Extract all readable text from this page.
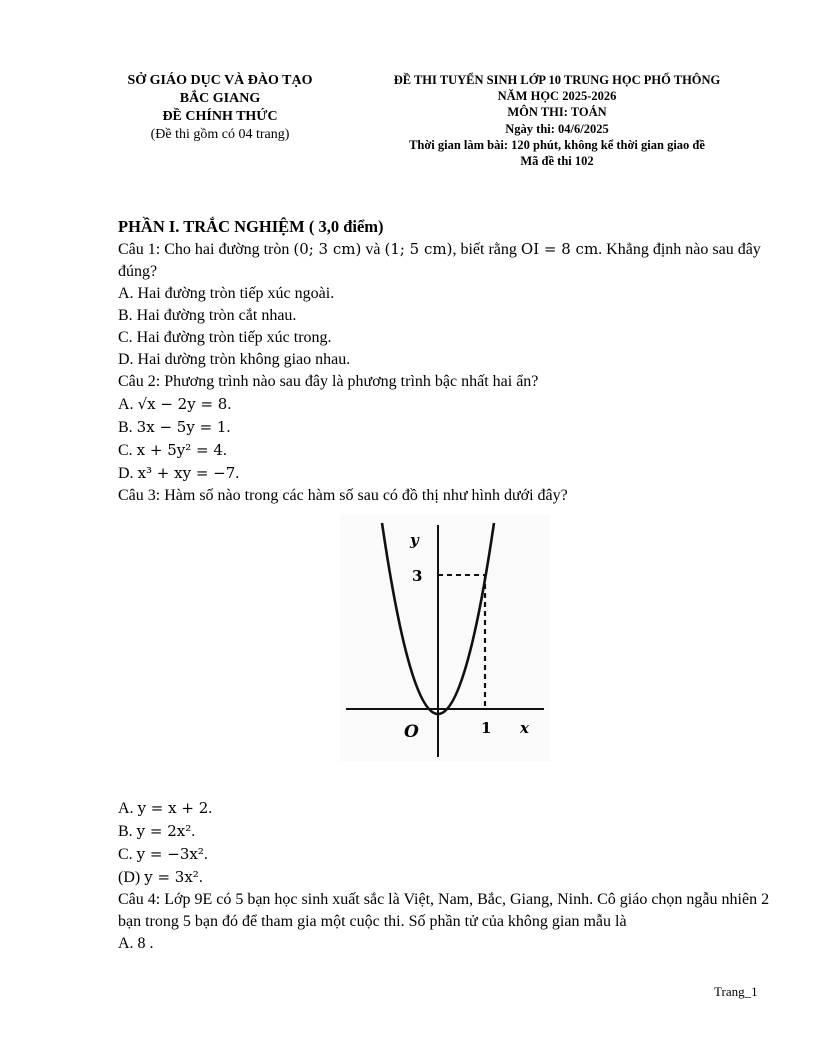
SỞ GIÁO DỤC VÀ ĐÀO TẠO
BẮC GIANG
ĐỀ CHÍNH THỨC
(Đề thi gồm có 04 trang)
ĐỀ THI TUYỂN SINH LỚP 10 TRUNG HỌC PHỔ THÔNG
NĂM HỌC 2025-2026
MÔN THI: TOÁN
Ngày thi: 04/6/2025
Thời gian làm bài: 120 phút, không kể thời gian giao đề
Mã đề thi 102

PHẦN I. TRẮC NGHIỆM ( 3,0 điểm)

Câu 1: Cho hai đường tròn (0; 3 cm) và (1; 5 cm), biết rằng OI = 8 cm. Khẳng định nào sau đây đúng?

A. Hai đường tròn tiếp xúc ngoài.

B. Hai đường tròn cắt nhau.

C. Hai đường tròn tiếp xúc trong.

D. Hai dường tròn không giao nhau.

Câu 2: Phương trình nào sau đây là phương trình bậc nhất hai ẩn?

A. √x − 2y = 8.

B. 3x − 5y = 1.

C. x + 5y² = 4.

D. x³ + xy = −7.

Câu 3: Hàm số nào trong các hàm số sau có đồ thị như hình dưới đây?

y
3
O	1 x

A. y = x + 2.

B. y = 2x².

C. y = −3x².

(D) y = 3x².

Câu 4: Lớp 9E có 5 bạn học sinh xuất sắc là Việt, Nam, Bắc, Giang, Ninh. Cô giáo chọn ngẫu nhiên 2 bạn trong 5 bạn đó để tham gia một cuộc thi. Số phần tử của không gian mẫu là

A. 8 .

Trang_1
